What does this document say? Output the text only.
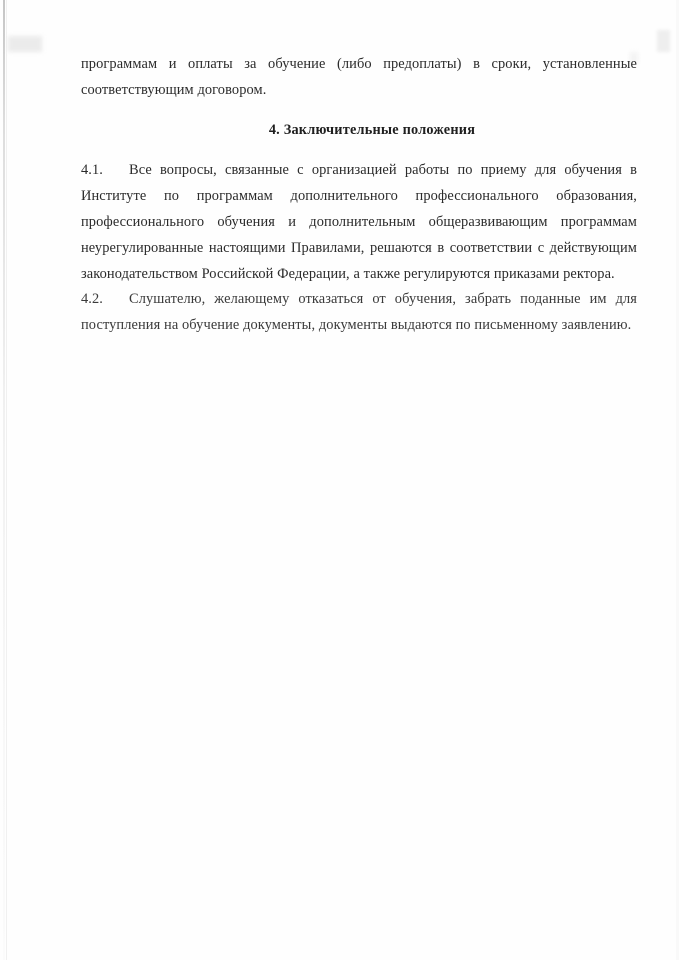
программам и оплаты за обучение (либо предоплаты) в сроки, установленные соответствующим договором.

4. Заключительные положения

4.1. Все вопросы, связанные с организацией работы по приему для обучения в Институте по программам дополнительного профессионального образования, профессионального обучения и дополнительным общеразвивающим программам неурегулированные настоящими Правилами, решаются в соответствии с действующим законодательством Российской Федерации, а также регулируются приказами ректора.

4.2. Слушателю, желающему отказаться от обучения, забрать поданные им для поступления на обучение документы, документы выдаются по письменному заявлению.
